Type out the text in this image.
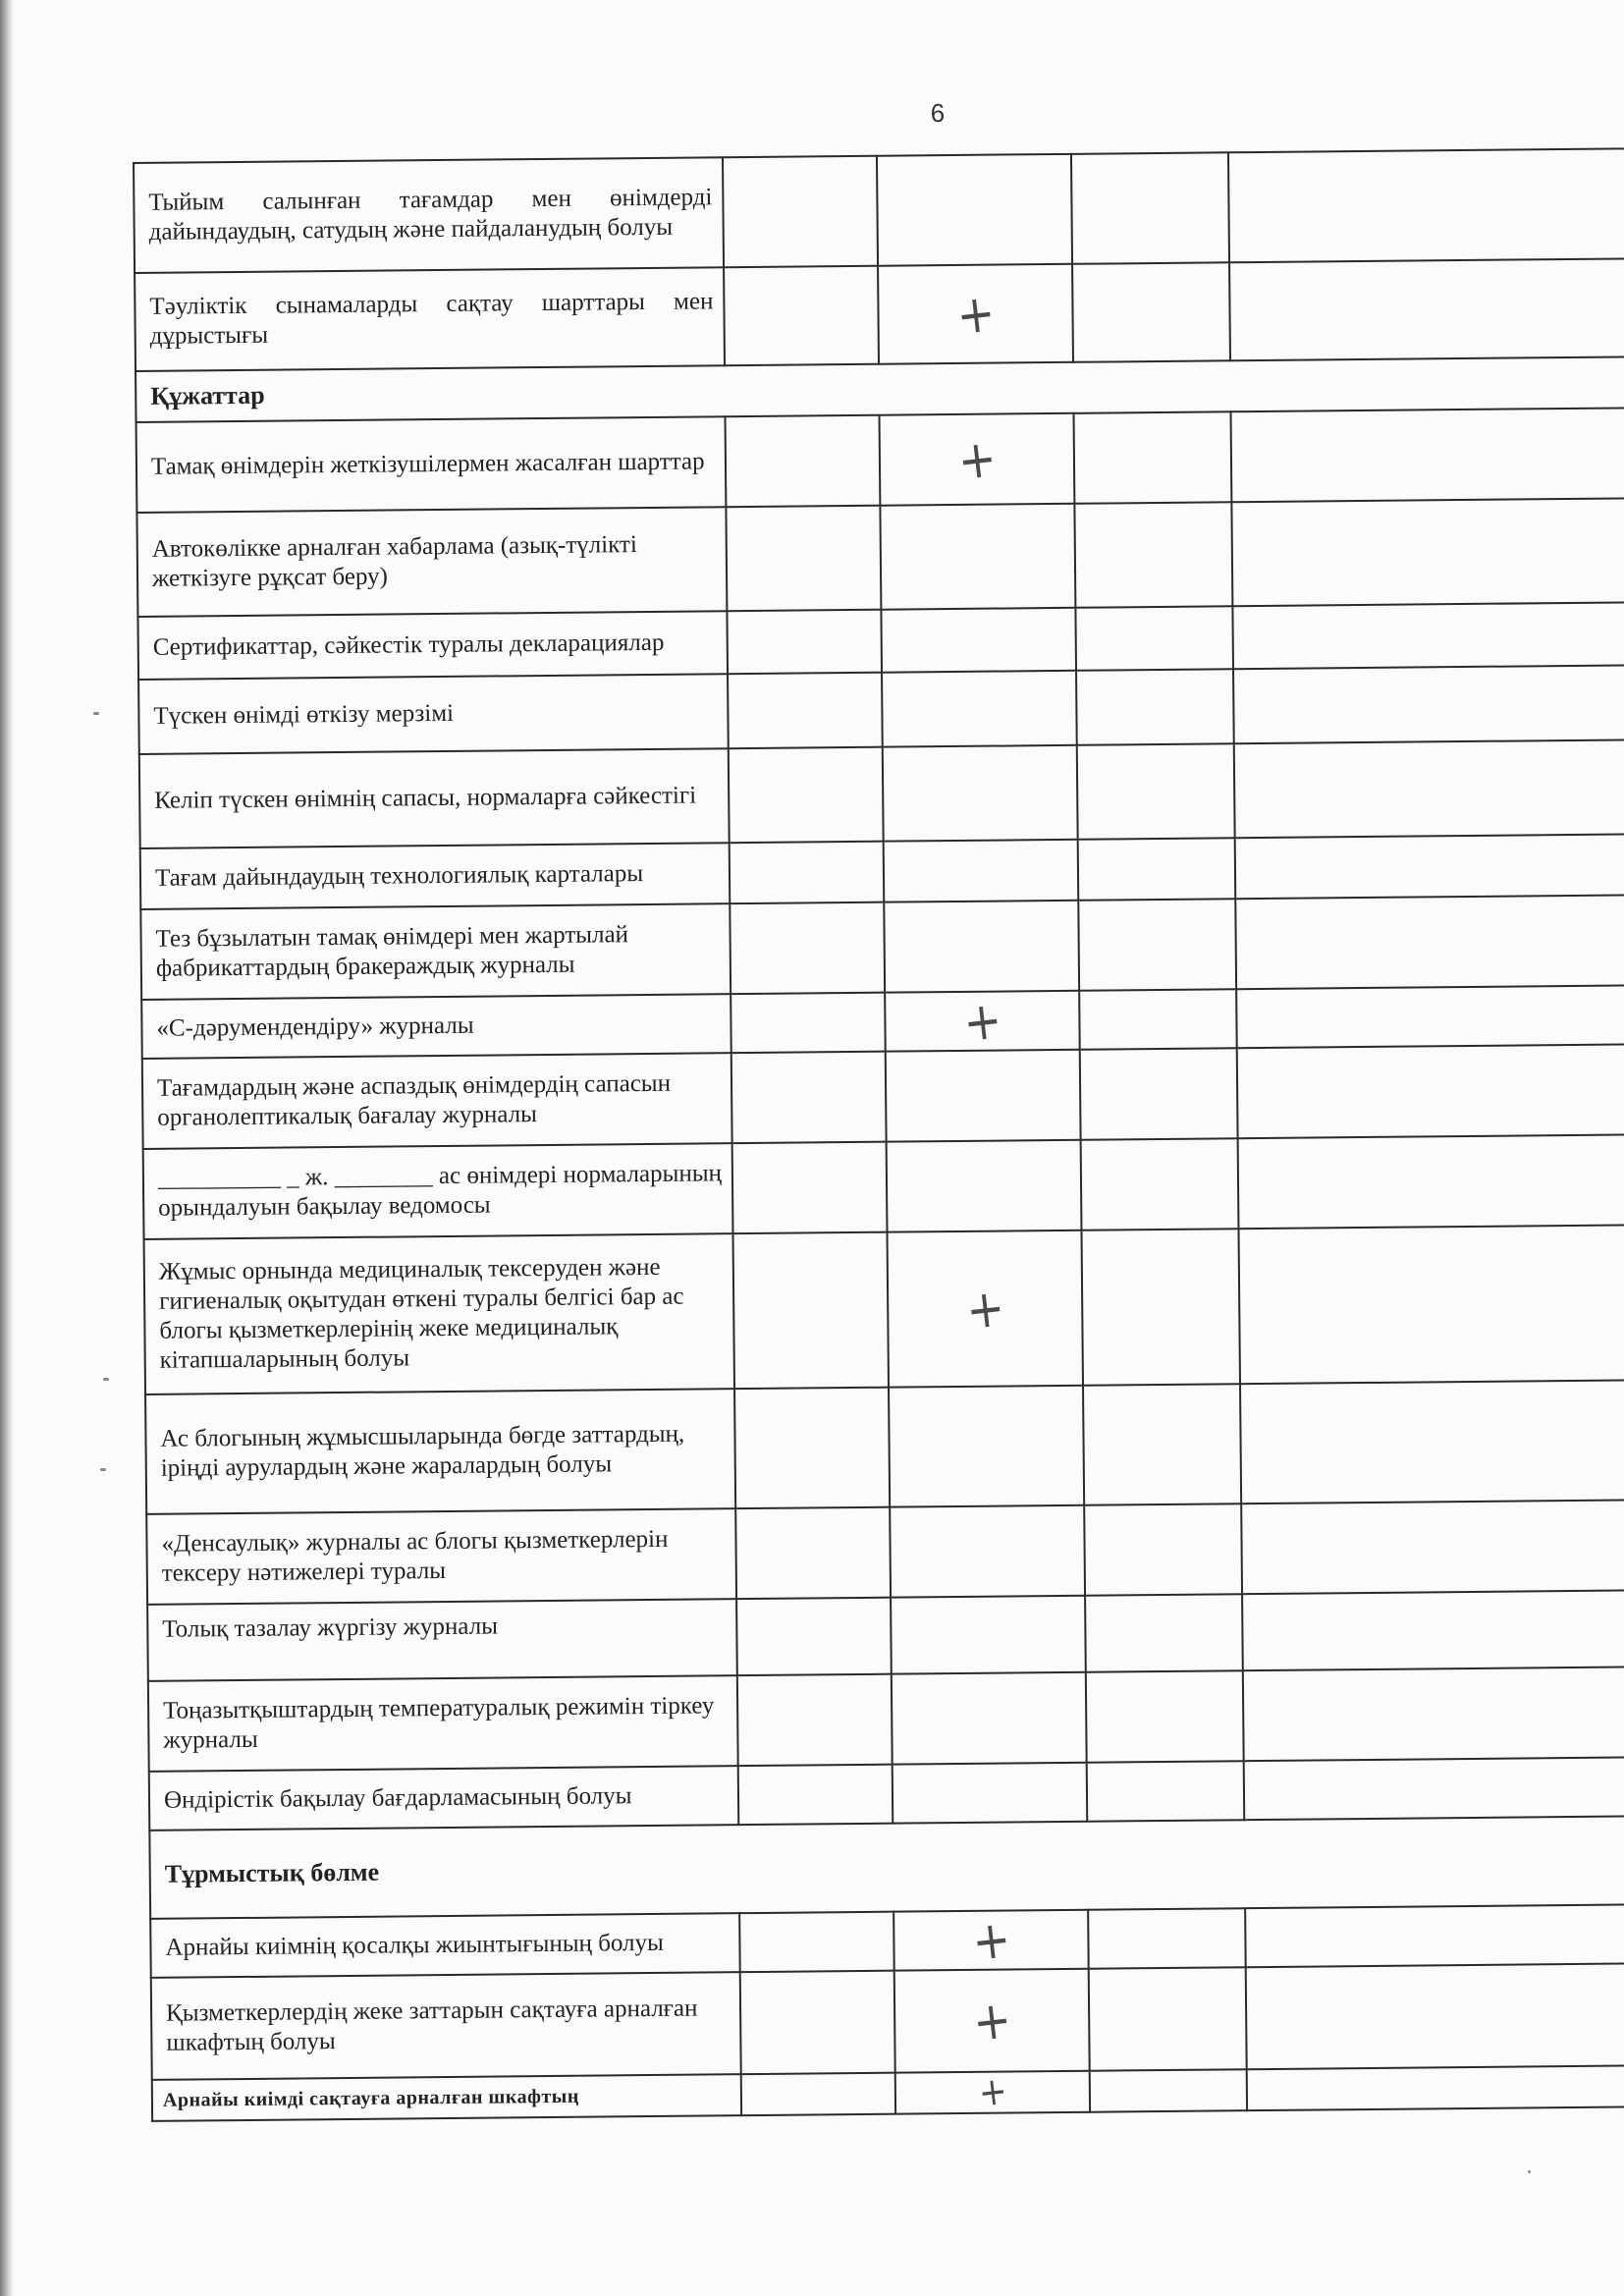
6
Тыйым салынған тағамдар мен өнімдерді дайындаудың, сатудың және пайдаланудың болуы				
Тәуліктік сынамаларды сақтау шарттары мен дұрыстығы		+		
Құжаттар				
Тамақ өнімдерін жеткізушілермен жасалған шарттар		+		
Автокөлікке арналған хабарлама (азық-түлікті жеткізуге рұқсат беру)				
Сертификаттар, сәйкестік туралы декларациялар				
Түскен өнімді өткізу мерзімі				
Келіп түскен өнімнің сапасы, нормаларға сәйкестігі				
Тағам дайындаудың технологиялық карталары				
Тез бұзылатын тамақ өнімдері мен жартылай фабрикаттардың бракераждық журналы				
«С-дәрумендендіру» журналы		+		
Тағамдардың және аспаздық өнімдердің сапасын органолептикалық бағалау журналы				
__________ _ ж. ________ ас өнімдері нормаларының орындалуын бақылау ведомосы				
Жұмыс орнында медициналық тексеруден және гигиеналық оқытудан өткені туралы белгісі бар ас блогы қызметкерлерінің жеке медициналық кітапшаларының болуы		+		
Ас блогының жұмысшыларында бөгде заттардың, іріңді аурулардың және жаралардың болуы				
«Денсаулық» журналы ас блогы қызметкерлерін тексеру нәтижелері туралы				
Толық тазалау жүргізу журналы				
Тоңазытқыштардың температуралық режимін тіркеу журналы				
Өндірістік бақылау бағдарламасының болуы				
Тұрмыстық бөлме				
Арнайы киімнің қосалқы жиынтығының болуы		+		
Қызметкерлердің жеке заттарын сақтауға арналған шкафтың болуы		+		
Арнайы киімді сақтауға арналған шкафтың		+		
